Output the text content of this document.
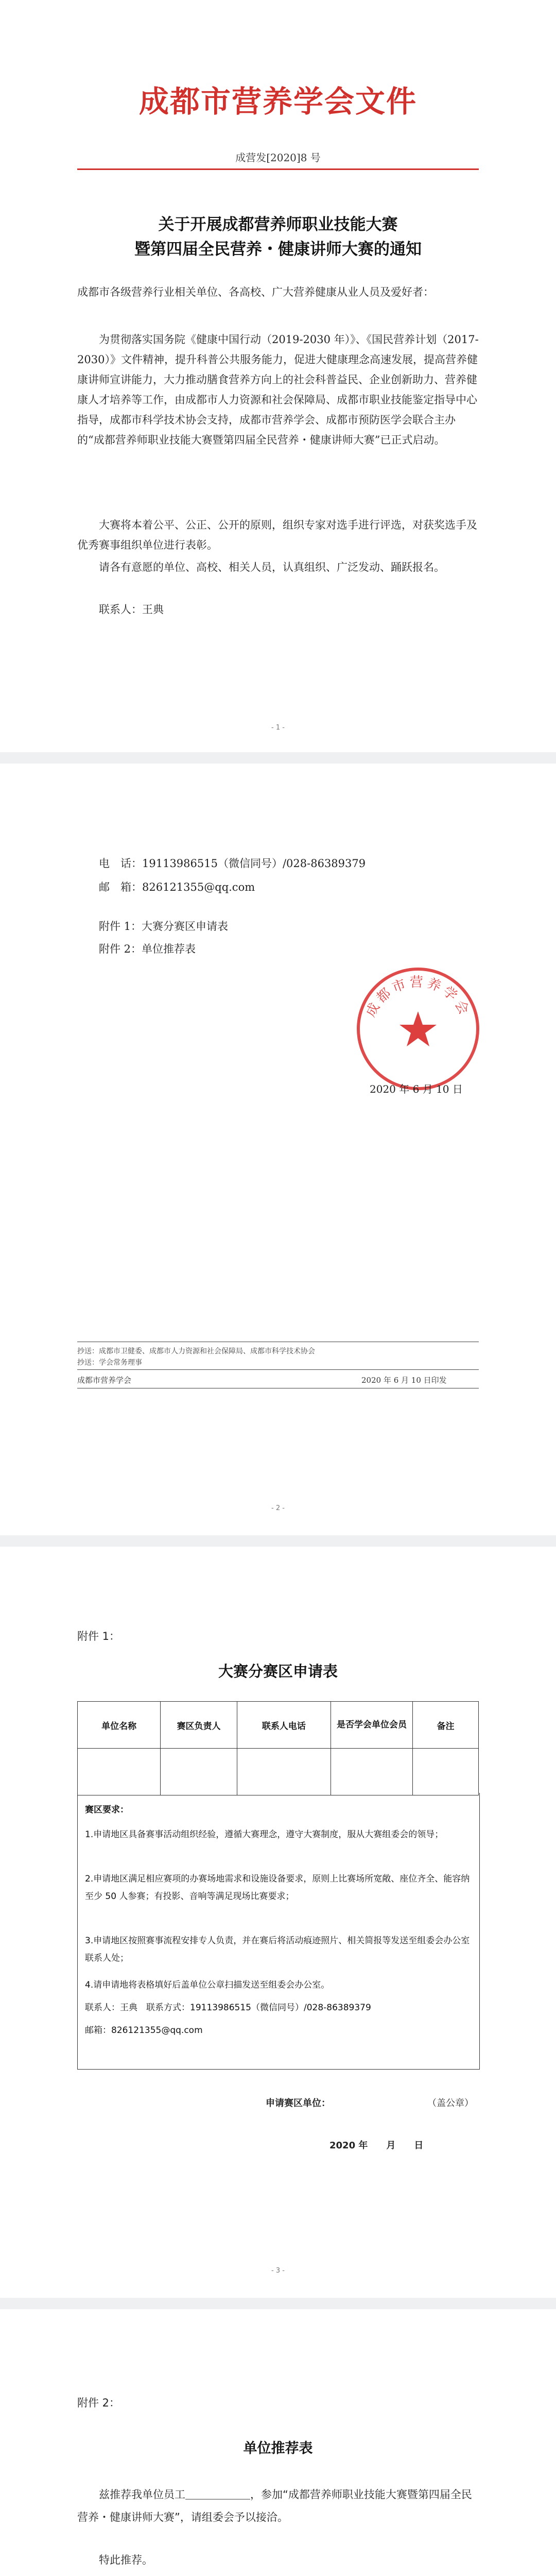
成都市营养学会文件
成营发[2020]8 号
关于开展成都营养师职业技能大赛
暨第四届全民营养・健康讲师大赛的通知
成都市各级营养行业相关单位、各高校、广大营养健康从业人员及爱好者：
为贯彻落实国务院《健康中国行动（2019-2030 年）》、《国民营养计划（2017-2030）》文件精神，提升科普公共服务能力，促进大健康理念高速发展，提高营养健康讲师宣讲能力，大力推动膳食营养方向上的社会科普益民、企业创新助力、营养健康人才培养等工作，由成都市人力资源和社会保障局、成都市职业技能鉴定指导中心指导，成都市科学技术协会支持，成都市营养学会、成都市预防医学会联合主办的“成都营养师职业技能大赛暨第四届全民营养・健康讲师大赛”已正式启动。
大赛将本着公平、公正、公开的原则，组织专家对选手进行评选，对获奖选手及优秀赛事组织单位进行表彰。
请各有意愿的单位、高校、相关人员，认真组织、广泛发动、踊跃报名。
联系人：王典
- 1 -
电　话：19113986515（微信同号）/028-86389379
邮　箱：826121355@qq.com
附件 1：大赛分赛区申请表
附件 2：单位推荐表
成都市营养学会
2020 年 6 月 10 日
抄送：成都市卫健委、成都市人力资源和社会保障局、成都市科学技术协会
抄送：学会常务理事
成都市营养学会	2020 年 6 月 10 日印发
- 2 -
附件 1：
大赛分赛区申请表
单位名称	赛区负责人	联系人电话	是否学会单位会员	备注

赛区要求：
1.申请地区具备赛事活动组织经验，遵循大赛理念，遵守大赛制度，服从大赛组委会的领导；
2.申请地区满足相应赛项的办赛场地需求和设施设备要求，原则上比赛场所宽敞、座位齐全、能容纳至少 50 人参赛；有投影、音响等满足现场比赛要求；
3.申请地区按照赛事流程安排专人负责，并在赛后将活动痕迹照片、相关简报等发送至组委会办公室联系人处；
4.请申请地将表格填好后盖单位公章扫描发送至组委会办公室。
联系人：王典　联系方式：19113986515（微信同号）/028-86389379
邮箱：826121355@qq.com
申请赛区单位：	（盖公章）
2020 年　　月　　日
- 3 -
附件 2：
单位推荐表
兹推荐我单位员工＿＿＿＿＿＿，参加“成都营养师职业技能大赛暨第四届全民营养・健康讲师大赛”，请组委会予以接洽。
特此推荐。
